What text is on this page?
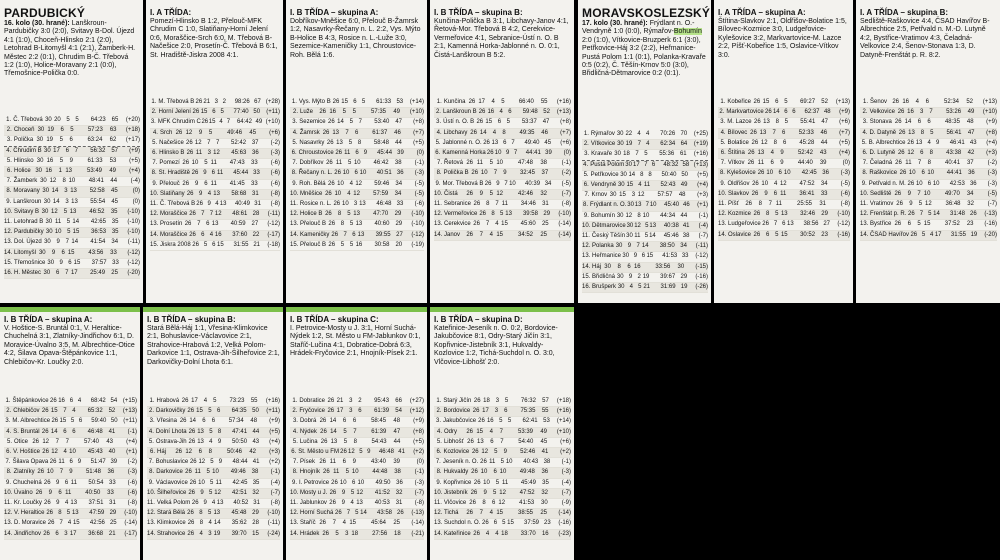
PARDUBICKÝ
16. kolo (30. hrané): Lanškroun-Pardubičky 3:0 (2:0), Svitavy B-Dol. Újezd 4:1 (1:0), Choceň-Hlinsko 2:1 (2:0), Letohrad B-Litomyšl 4:1 (2:1), Žamberk-H. Městec 2:2 (0:1), Chrudim B-Č. Třebová 1:2 (1:0), Holice-Moravany 2:1 (0:0), Třemošnice-Polička 0:0.
1. Č. Třebová 30 20 5 5	64:23 65	(+20)
2. Choceň 30 19	6	5	57:23	63	(+18)
3. Polička 30 19	5	6	63:24	62	(+17)
4. Chrudim B 30 17 6 7	56:32	57	(+9)
5. Hlinsko 30 16	5	9	61:33	53	(+5)
6. Holice 30 16	1 13	53:49	49	(+4)
7. Žamberk 30 12	8 10	48:41	44	(-4)
8. Moravany 30 14 3 13	52:58	45	(0)
9. Lanškroun 30 14 3 13	55:54	45	(0)
10. Svitavy B 30 12	5 13	46:52	35	(-10)
11. Letohrad B 30 11 5 14	42:65 35	(-10)
12. Pardubičky 30 10 5 15	36:53 35	(-10)
13. Dol. Újezd 30 9 7 14	41:54	34	(-11)
14. Litomyšl 30	9	6 15	43:56	33	(-12)
15. Třemošnice 30 9 6 15	37:57 33	(-12)
16. H. Městec 30 6 7 17	25:49	25	(-20)
I. A TŘÍDA:
Pomezí-Hlinsko B 1:2, Přelouč-MFK Chrudim C 1:0, Slatiňany-Horní Jelení 0:6, Moraščice-Srch 6:0, M. Třebová B-Načešice 2:0, Prosetín-Č. Třebová B 6:1, St. Hradiště-Jiskra 2008 4:1.
1. M. Třebová B 26 21 3 2	98:26 67 (+28)
2. Horní Jelení 26 15 6 5	77:40 50	(+11)
3. MFK Chrudim C 26 15 4 7	64:42 49 (+10)
4. Srch 26 12	9	5	49:46	45	(+6)
5. Načešice 26 12 7 7	52:42 37	(-2)
6. Hlinsko B 26 11 3 12	45:63 36	(-3)
7. Pomezí 26 10 5 11	47:43	33	(-6)
8. St. Hradiště 26 9 6 11	45:44 33	(-6)
9. Přelouč 26 9 6 11	41:45	33	(-6)
10. Slatiňany 26 9 4 13	58:68 31	(-8)
11. Č. Třebová B 26 9 4 13	40:49 31	(-8)
12. Moraščice 26 7 7 12	48:61 28	(-11)
13. Prosetín 26 7 6 13	40:59 27	(-12)
14. Moraščice 26 6 4 16	37:60 22	(-17)
15. Jiskra 2008 26 5 6 15	31:55 21	(-18)
I. B TŘÍDA – skupina A:
Dobříkov-Mněšice 6:0, Přelouč B-Žamrsk 1:2, Nasavrky-Řečany n. L. 2:2, Vys. Mýto B-Holice B 4:3, Rosice n. L.-Luže 3:0, Sezemice-Kameničky 1:1, Chroustovice-Roh. Bělá 1:6.
1. Vys. Mýto B 26 15 6 5	61:33 53	(+14)
2. Luže	26 16	5	5	57:35	49	(+10)
3. Sezemice 26 14 5 7	53:40	47	(+8)
4. Žamrsk 26 13	7	6	61:37	46	(+7)
5. Nasavrky 26 13 5 8	58:48	44	(+5)
6. Chroustovice 26 11 6 9	45:44 39	(0)
7. Dobříkov 26 11 5 10	46:42	38	(-1)
8. Řečany n. L. 26 10 6 10	40:51 36	(-3)
9. Roh. Bělá 26 10 4 12	59:46	34	(-5)
10. Mněšice 26 10	4 12	57:59	34	(-5)
11. Rosice n. L. 26 10 3 13	46:48 33	(-6)
12. Holice B 26	8	5 13	47:70	29	(-10)
13. Přelouč B 26 8 5 13	40:60	29	(-10)
14. Kameničky 26 7 6 13	39:55 27	(-12)
15. Přelouč B 26 5 5 16	30:58	20	(-19)
I. B TŘÍDA – skupina B:
Kunčina-Polička B 3:1, Libchavy-Janov 4:1, Řetová-Mor. Třebová B 4:2, Cerekvice-Vermeřovice 4:1, Sebranice-Ústí n. O. B 2:1, Kamenná Horka-Jablonné n. O. 0:1, Čistá-Lanškroun B 5:2.
1. Kunčina 26 17	4	5	66:40	55	(+16)
2. Lanškroun B 26 16 4 6	59:48 52	(+13)
3. Ústí n. O. B 26 15 6 5	53:37 47	(+8)
4. Libchavy 26 14	4	8	49:35	46	(+7)
5. Jablonné n. O. 26 13 6 7	49:40 45	(+6)
6. Kamenná Horka 26 10 9 7	44:41 39	(0)
7. Řetová 26 11	5 10	47:48	38	(-1)
8. Polička B 26 10	7	9	32:45	37	(-2)
9. Mor. Třebová B 26 9 7 10	40:39 34	(-5)
10. Čistá	26	9	5 12	42:46	32	(-7)
11. Sebranice 26 8 7 11	34:46	31	(-8)
12. Vermeřovice 26 8 5 13	39:58 29	(-10)
13. Cerekvice 26 7 4 15	45:60	25	(-14)
14. Janov	26	7	4 15	34:52	25	(-14)
MORAVSKOSLEZSKÝ
17. kolo (30. hrané): Frýdlant n. O.-Vendryně 1:0 (0:0), Rýmařov-Bohumín 2:0 (1:0), Vítkovice-Bruzperk 6:1 (3:0), Petřkovice-Háj 3:2 (2:2), Heřmanice-Pustá Polom 1:1 (0:1), Polanka-Kravaře 0:5 (0:2), Č. Těšín-Krnov 5:0 (3:0), Břidličná-Dětmarovice 0:2 (0:1).
1. Rýmařov 30 22 4 4	70:26 70	(+25)
2. Vítkovice 30 19 7 4	62:34 64	(+19)
3. Kravaře 30 18 7 5	55:36 61	(+16)
4. Pustá Polom 30 17 7 6	48:32 58 (+13)
5. Petřkovice 30 14 8 8	50:40 50	(+5)
6. Vendryně 30 15 4 11	52:43 49	(+4)
7. Krnov 30 15 3 12	57:57	48	(+3)
8. Frýdlant n. O. 30 13 7 10	45:40 46	(+1)
9. Bohumín 30 12 8 10	44:34 44	(-1)
10. Dětmarovice 30 12 5 13	40:38 41	(-4)
11. Český Těšín 30 11 5 14	45:46 38	(-7)
12. Polanka 30 9 7 14	38:50 34	(-11)
13. Heřmanice 30 9 6 15	41:53 33	(-12)
14. Háj 30	8	6 16	33:56	30	(-15)
15. Břidličná 30 9 2 19	39:67 29	(-16)
16. Brušperk 30 4 5 21	31:69 19	(-26)
I. A TŘÍDA – skupina A:
Štítina-Slavkov 2:1, Oldřišov-Bolatice 1:5, Bílovec-Kozmice 3:0, Ludgeřovice-Kylešovice 3:2, Markvartovice-M. Lazce 2:2, Píšť-Kobeřice 1:5, Oslavice-Vítkov 3:0.
1. Kobeřice 26 15 6 5	69:27	52	(+13)
2. Markvartovice 26 14 6 6	62:37 48	(+9)
3. M. Lazce 26 13 8 5	55:41	47	(+6)
4. Bílovec 26 13	7	6	52:33	46	(+7)
5. Bolatice 26 12	8	6	45:28	44	(+5)
6. Štítina 26 13	4	9	52:42	43	(+4)
7. Vítkov 26 11	6	9	44:40	39	(0)
8. Kylešovice 26 10 6 10	42:45 36	(-3)
9. Oldřišov 26 10 4 12	47:52	34	(-5)
10. Slavkov 26	9	6 11	36:41	33	(-6)
11. Píšť	26	8	7 11	25:55	31	(-8)
12. Kozmice 26 8 5 13	32:46	29	(-10)
13. Ludgeřovice 26 7 6 13	38:56 27	(-12)
14. Oslavice 26 6 5 15	30:52	23	(-16)
I. A TŘÍDA – skupina B:
Sedliště-Raškovice 4:4, ČSAD Havířov B-Albrechtice 2:5, Petřvald n. M.-D. Lutyně 4:2, Bystřice-Vratimov 4:3, Čeladná-Velkovice 2:4, Šenov-Stonava 1:3, D. Datyně-Frenštát p. R. 8:2.
1. Šenov 26 16	4	6	52:34	52	(+13)
2. Velkovice 26 16	3	7	53:26	49	(+10)
3. Stonava 26 14	6	6	48:35	48	(+9)
4. D. Datyně 26 13 8 5	56:41	47	(+8)
5. B. Albrechtice 26 13 4 9	46:41 43	(+4)
6. D. Lutyně 26 12	6	8	43:38	42	(+3)
7. Čeladná 26 11	7	8	40:41	37	(-2)
8. Raškovice 26 10 6 10	44:41	36	(-3)
9. Petřvald n. M. 26 10 6 10	42:53 36	(-3)
10. Sedliště 26	9	7 10	49:70	34	(-5)
11. Vratimov 26	9	5 12	36:48	32	(-7)
12. Frenštát p. R. 26 7 5 14	31:48 26	(-13)
13. Bystřice 26	6	5 15	37:52	23	(-16)
14. ČSAD Havířov 26 5 4 17	31:55 19	(-20)
I. B TŘÍDA – skupina A:
V. Hoštice-S. Bruntál 0:1, V. Heraltice-Chuchelná 3:1, Zlatníky-Jindřichov 6:1, D. Moravice-Úvalno 3:5, M. Albrechtice-Otice 4:2, Šilava Opava-Štěpánkovice 1:1, Chlebičov-Kr. Loučky 2:0.
1. Štěpánkovice 26 16 6 4	68:42 54 (+15)
2. Chlebičov 26 15 7 4	65:32 52	(+13)
3. M. Albrechtice 26 15 5 6	59:40 50 (+11)
4. S. Bruntál 26 14 6 6	46:48 41	(-1)
5. Otice 26 12	7	7	57:40	43	(+4)
6. V. Hoštice 26 12 4 10	45:43 40	(+1)
7. Šilava Opava 26 11 6 9	51:47 39	(-2)
8. Zlatníky 26 10	7	9	51:48	36	(-3)
9. Chuchelná 26 9 6 11	50:54 33	(-6)
10. Úvalno 26	9	6 11	40:50	33	(-6)
11. Kr. Loučky 26 9 4 13	37:51 31	(-8)
12. V. Heraltice 26 8 5 13	47:59 29	(-10)
13. D. Moravice 26 7 4 15	42:56 25	(-14)
14. Jindřichov 26 6 3 17	36:68 21	(-17)
I. B TŘÍDA – skupina B:
Stará Bělá-Háj 1:1, Vřesina-Klimkovice 2:1, Bohuslavice-Václavovice 2:1, Strahovice-Hrabová 1:2, Velká Polom-Darkovice 1:1, Ostrava-Jih-Šilheřovice 2:1, Darkovičky-Dolní Lhota 6:1.
1. Hrabová 26 17 4 5	73:23	55	(+16)
2. Darkovičky 26 15 5 6	64:35 50	(+11)
3. Vřesina 26 14	6	6	57:34	48	(+9)
4. Dolní Lhota 26 13 5 8	47:41 44	(+5)
5. Ostrava-Jih 26 13 4 9	50:50 43	(+4)
6. Háj	26 12	6	8	50:46	42	(+3)
7. Bohuslavice 26 12 5 9	48:44 41	(+2)
8. Darkovice 26 11 5 10	49:46 38	(-1)
9. Václavovice 26 10 5 11	42:45 35	(-4)
10. Šilheřovice 26 9 5 12	42:51 32	(-7)
11. Velká Polom 26 9 4 13	40:52 31	(-8)
12. Stará Bělá 26 8 5 13	45:48 29	(-10)
13. Klimkovice 26 8 4 14	35:62 28	(-11)
14. Strahovice 26 4 3 19	39:70 15	(-24)
I. B TŘÍDA – skupina C:
I. Petrovice-Mosty u J. 3:1, Horní Suchá-Nýdek 1:2, St. Město u FM-Jablunkov 0:1, Staříč-Lučina 4:1, Dobratice-Dobrá 6:3, Hrádek-Fryčovice 2:1, Hnojník-Písek 2:1.
1. Dobratice 26 21 3 2	95:43	66	(+27)
2. Fryčovice 26 17 3 6	61:39	54	(+12)
3. Dobrá 26 14	6	6	58:45	48	(+9)
4. Nýdek 26 14	5	7	61:39	47	(+8)
5. Lučina 26 13	5	8	54:43	44	(+5)
6. St. Město u FM 26 12 5 9	46:48 41	(+2)
7. Písek 26 11	6	9	43:40	39	(0)
8. Hnojník 26 11	5 10	44:48	38	(-1)
9. I. Petrovice 26 10 6 10	49:50 36	(-3)
10. Mosty u J. 26 9 5 12	41:52 32	(-7)
11. Jablunkov 26 9 4 13	40:53 31	(-8)
12. Horní Suchá 26 7 5 14	43:58 26	(-13)
13. Staříč 26	7	4 15	45:64	25	(-14)
14. Hrádek 26	5	3 18	27:56	18	(-21)
I. B TŘÍDA – skupina D:
Kateřinice-Jeseník n. O. 0:2, Bordovice-Jakubčovice 8:1, Odry-Starý Jičín 3:1, Kopřivnice-Jistebník 3:1, Hukvaldy-Kozlovice 1:2, Tichá-Suchdol n. O. 3:0, Vlčovice-Libhošť 2:0.
1. Starý Jičín 26 18 3 5	76:32	57	(+18)
2. Bordovice 26 17 3 6	75:35	55	(+16)
3. Jakubčovice 26 16 5 5	62:41 53	(+14)
4. Odry	26 15	4	7	53:39	49	(+10)
5. Libhošť 26 13	6	7	54:40	45	(+6)
6. Kozlovice 26 12	5	9	52:46	41	(+2)
7. Jeseník n. O. 26 11 5 10	40:43 38	(-1)
8. Hukvaldy 26 10	6 10	49:48	36	(-3)
9. Kopřivnice 26 10 5 11	45:49	35	(-4)
10. Jistebník 26	9	5 12	47:52	32	(-7)
11. Vlčovice 26	8	6 12	41:53	30	(-9)
12. Tichá	26	7	4 15	38:55	25	(-14)
13. Suchdol n. O. 26 6 5 15	37:59 23	(-16)
14. Kateřinice 26 4 4 18	33:70	16	(-23)
